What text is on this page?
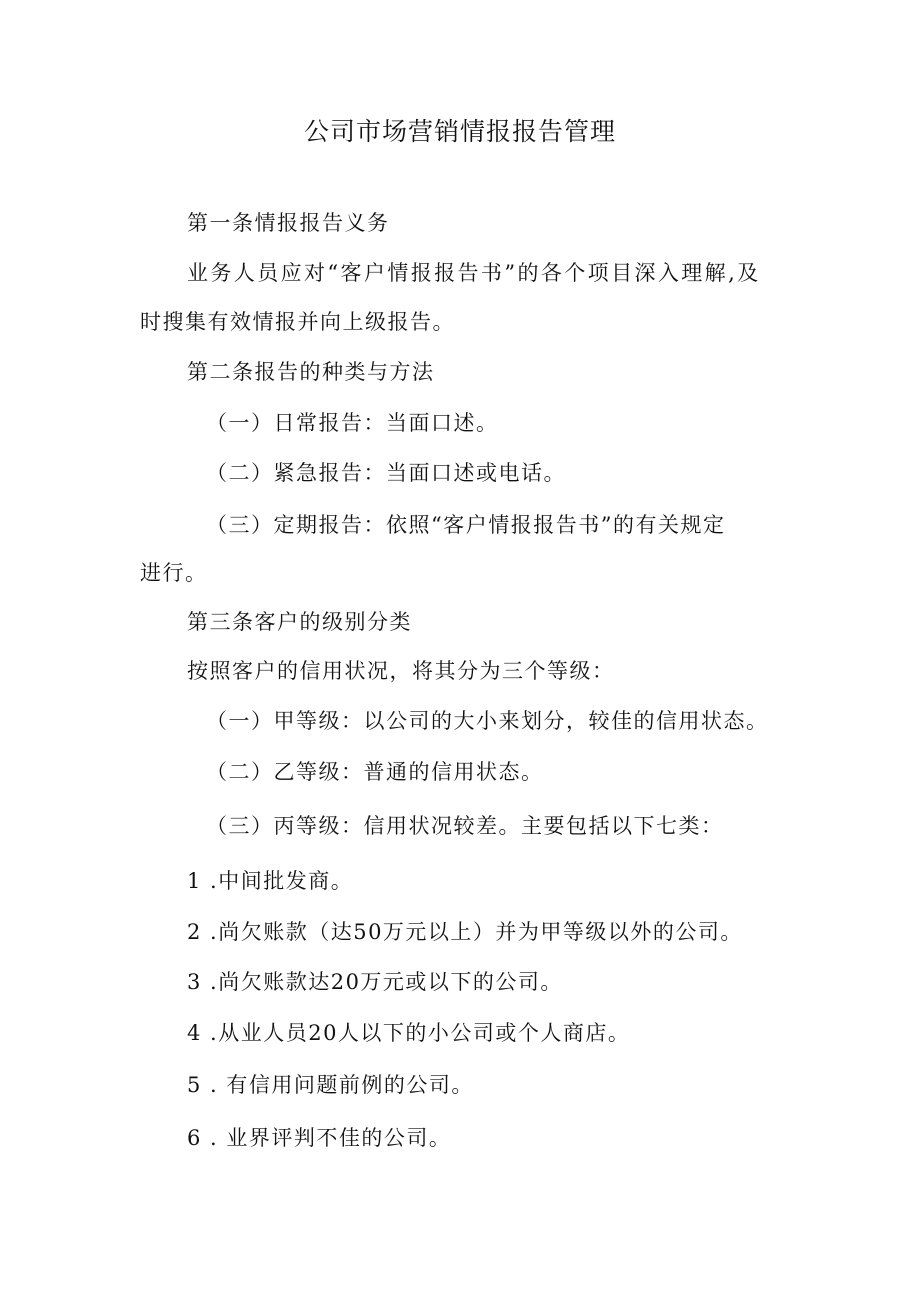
公司市场营销情报报告管理
第一条情报报告义务
业务人员应对“客户情报报告书”的各个项目深入理解,及
时搜集有效情报并向上级报告。
第二条报告的种类与方法
（一）日常报告：当面口述。
（二）紧急报告：当面口述或电话。
（三）定期报告：依照“客户情报报告书”的有关规定
进行。
第三条客户的级别分类
按照客户的信用状况，将其分为三个等级：
（一）甲等级：以公司的大小来划分，较佳的信用状态。
（二）乙等级：普通的信用状态。
（三）丙等级：信用状况较差。主要包括以下七类：
1 .中间批发商。
2 .尚欠账款（达50万元以上）并为甲等级以外的公司。
3 .尚欠账款达20万元或以下的公司。
4 .从业人员20人以下的小公司或个人商店。
5 . 有信用问题前例的公司。
6 . 业界评判不佳的公司。
